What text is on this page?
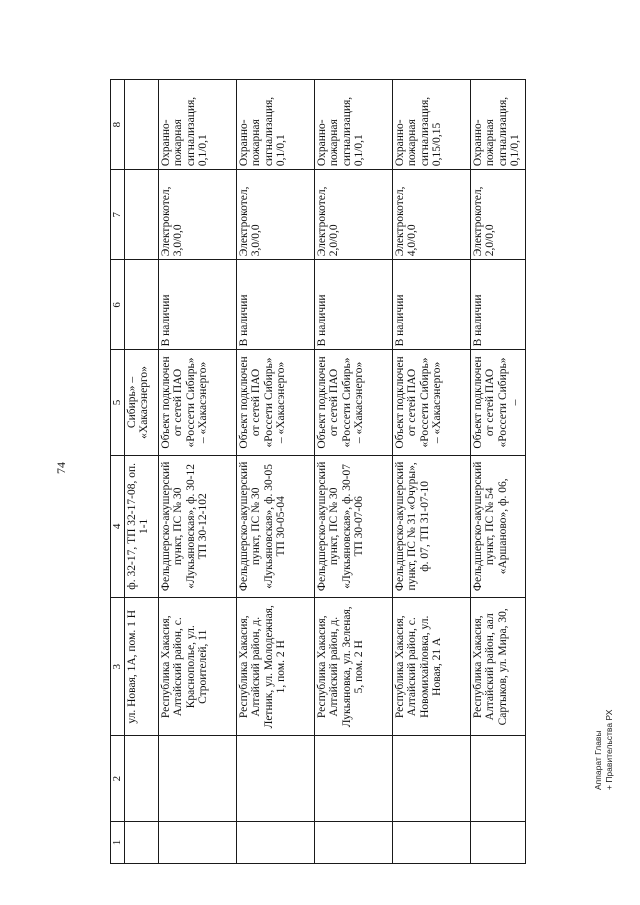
74
1	2	3	4	5	6	7	8
		ул. Новая, 1А, пом. 1 Н	ф. 32-17, ТП 32-17-08, оп. 1-1	Сибирь» – «Хакасэнерго»			
		Республика Хакасия, Алтайский район, с. Краснополье, ул. Строителей, 11	Фельдшерско-акушерский пункт, ПС № 30 «Лукьяновская», ф. 30-12 ТП 30-12-102	Объект подключен от сетей ПАО «Россети Сибирь» – «Хакасэнерго»	В наличии	Электрокотел, 3,0/0,0	Охранно-пожарная сигнализация, 0,1/0,1
		Республика Хакасия, Алтайский район, д. Летник, ул. Молодежная, 1, пом. 2 Н	Фельдшерско-акушерский пункт, ПС № 30 «Лукьяновская», ф. 30-05 ТП 30-05-04	Объект подключен от сетей ПАО «Россети Сибирь» – «Хакасэнерго»	В наличии	Электрокотел, 3,0/0,0	Охранно-пожарная сигнализация, 0,1/0,1
		Республика Хакасия, Алтайский район, д. Лукьяновка, ул. Зеленая, 5, пом. 2 Н	Фельдшерско-акушерский пункт, ПС № 30 «Лукьяновская», ф. 30-07 ТП 30-07-06	Объект подключен от сетей ПАО «Россети Сибирь» – «Хакасэнерго»	В наличии	Электрокотел, 2,0/0,0	Охранно-пожарная сигнализация, 0,1/0,1
		Республика Хакасия, Алтайский район, с. Новомихайловка, ул. Новая, 21 А	Фельдшерско-акушерский пункт, ПС № 31 «Очуры», ф. 07, ТП 31-07-10	Объект подключен от сетей ПАО «Россети Сибирь» – «Хакасэнерго»	В наличии	Электрокотел, 4,0/0,0	Охранно-пожарная сигнализация, 0,15/0,15
		Республика Хакасия, Алтайский район, аал Сартыков, ул. Мира, 30,	Фельдшерско-акушерский пункт, ПС № 54 «Аршаново», ф. 06,	Объект подключен от сетей ПАО «Россети Сибирь» –	В наличии	Электрокотел, 2,0/0,0	Охранно-пожарная сигнализация, 0,1/0,1
Аппарат Главы + Правительства РХ
